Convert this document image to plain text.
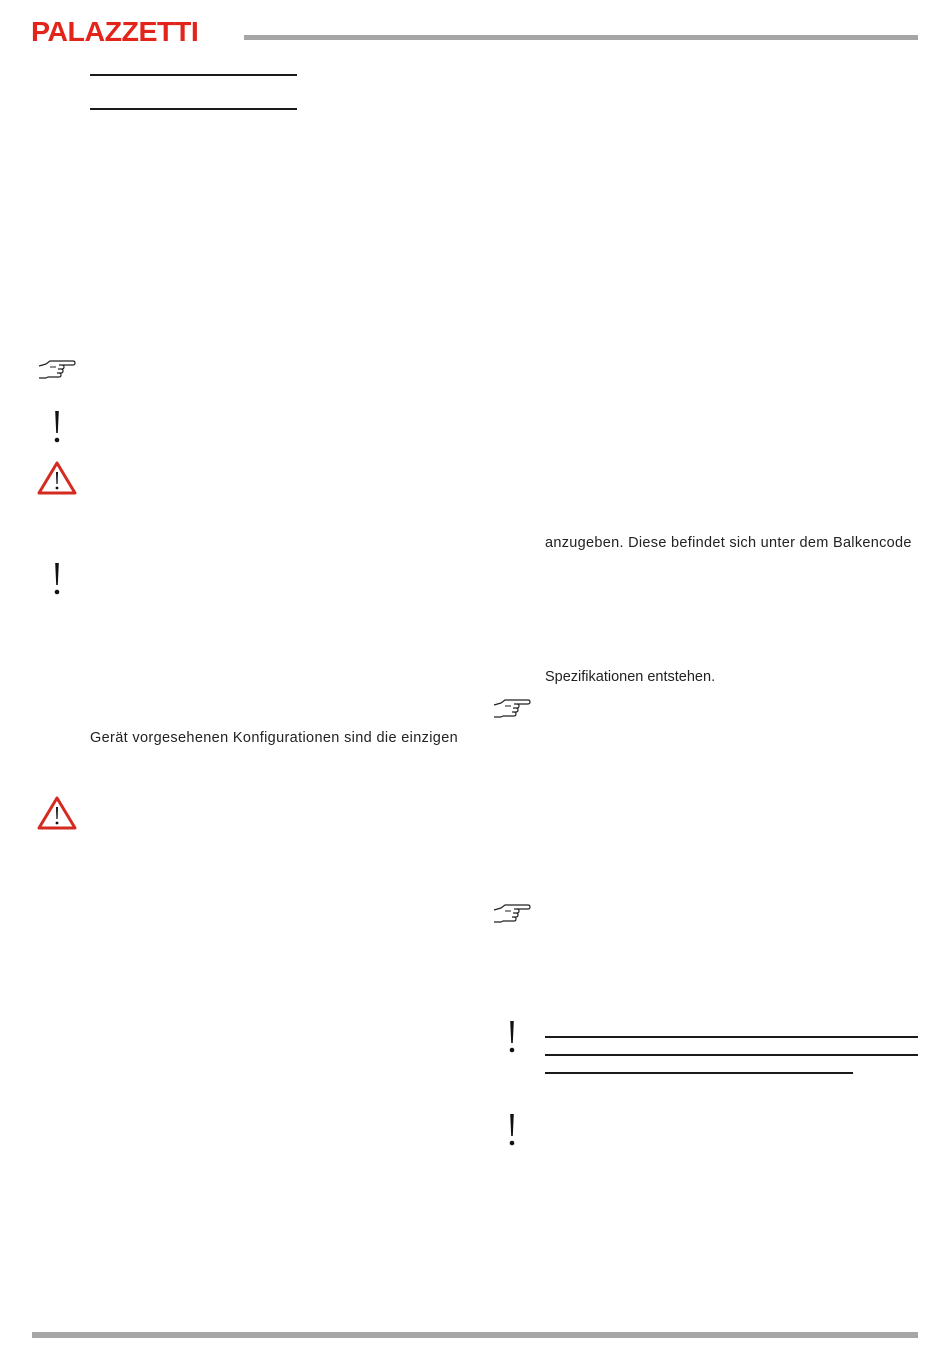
PALAZZETTI
Gerät vorgesehenen Konfigurationen sind die einzigen
anzugeben. Diese befindet sich unter dem Balkencode
Spezifikationen entstehen.
